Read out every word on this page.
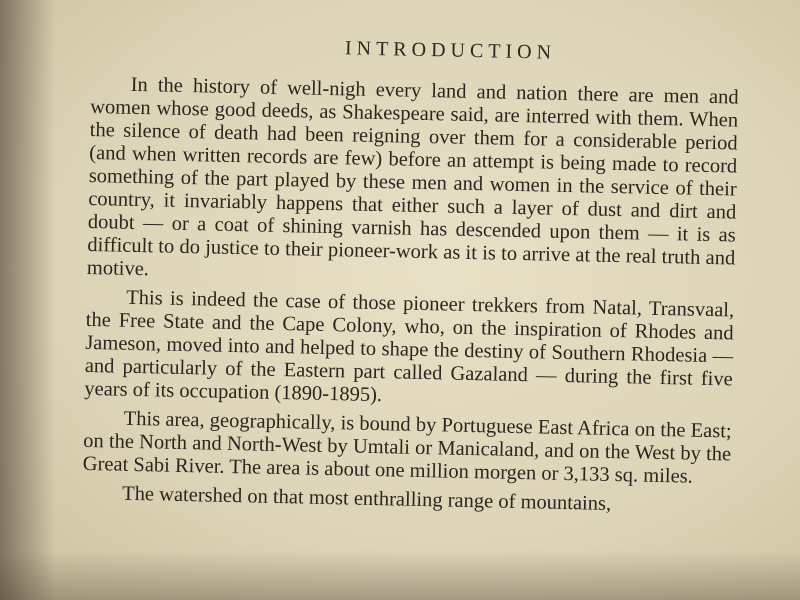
INTRODUCTION

In the history of well-nigh every land and nation there are men and women whose good deeds, as Shakespeare said, are interred with them. When the silence of death had been reigning over them for a considerable period (and when written records are few) before an attempt is being made to record something of the part played by these men and women in the service of their country, it invariably happens that either such a layer of dust and dirt and doubt — or a coat of shining varnish has descended upon them — it is as difficult to do justice to their pioneer-work as it is to arrive at the real truth and motive.

This is indeed the case of those pioneer trekkers from Natal, Transvaal, the Free State and the Cape Colony, who, on the inspiration of Rhodes and Jameson, moved into and helped to shape the destiny of Southern Rhodesia — and particularly of the Eastern part called Gazaland — during the first five years of its occupation (1890-1895).

This area, geographically, is bound by Portuguese East Africa on the East; on the North and North-West by Umtali or Manicaland, and on the West by the Great Sabi River. The area is about one million morgen or 3,133 sq. miles.

The watershed on that most enthralling range of mountains,
